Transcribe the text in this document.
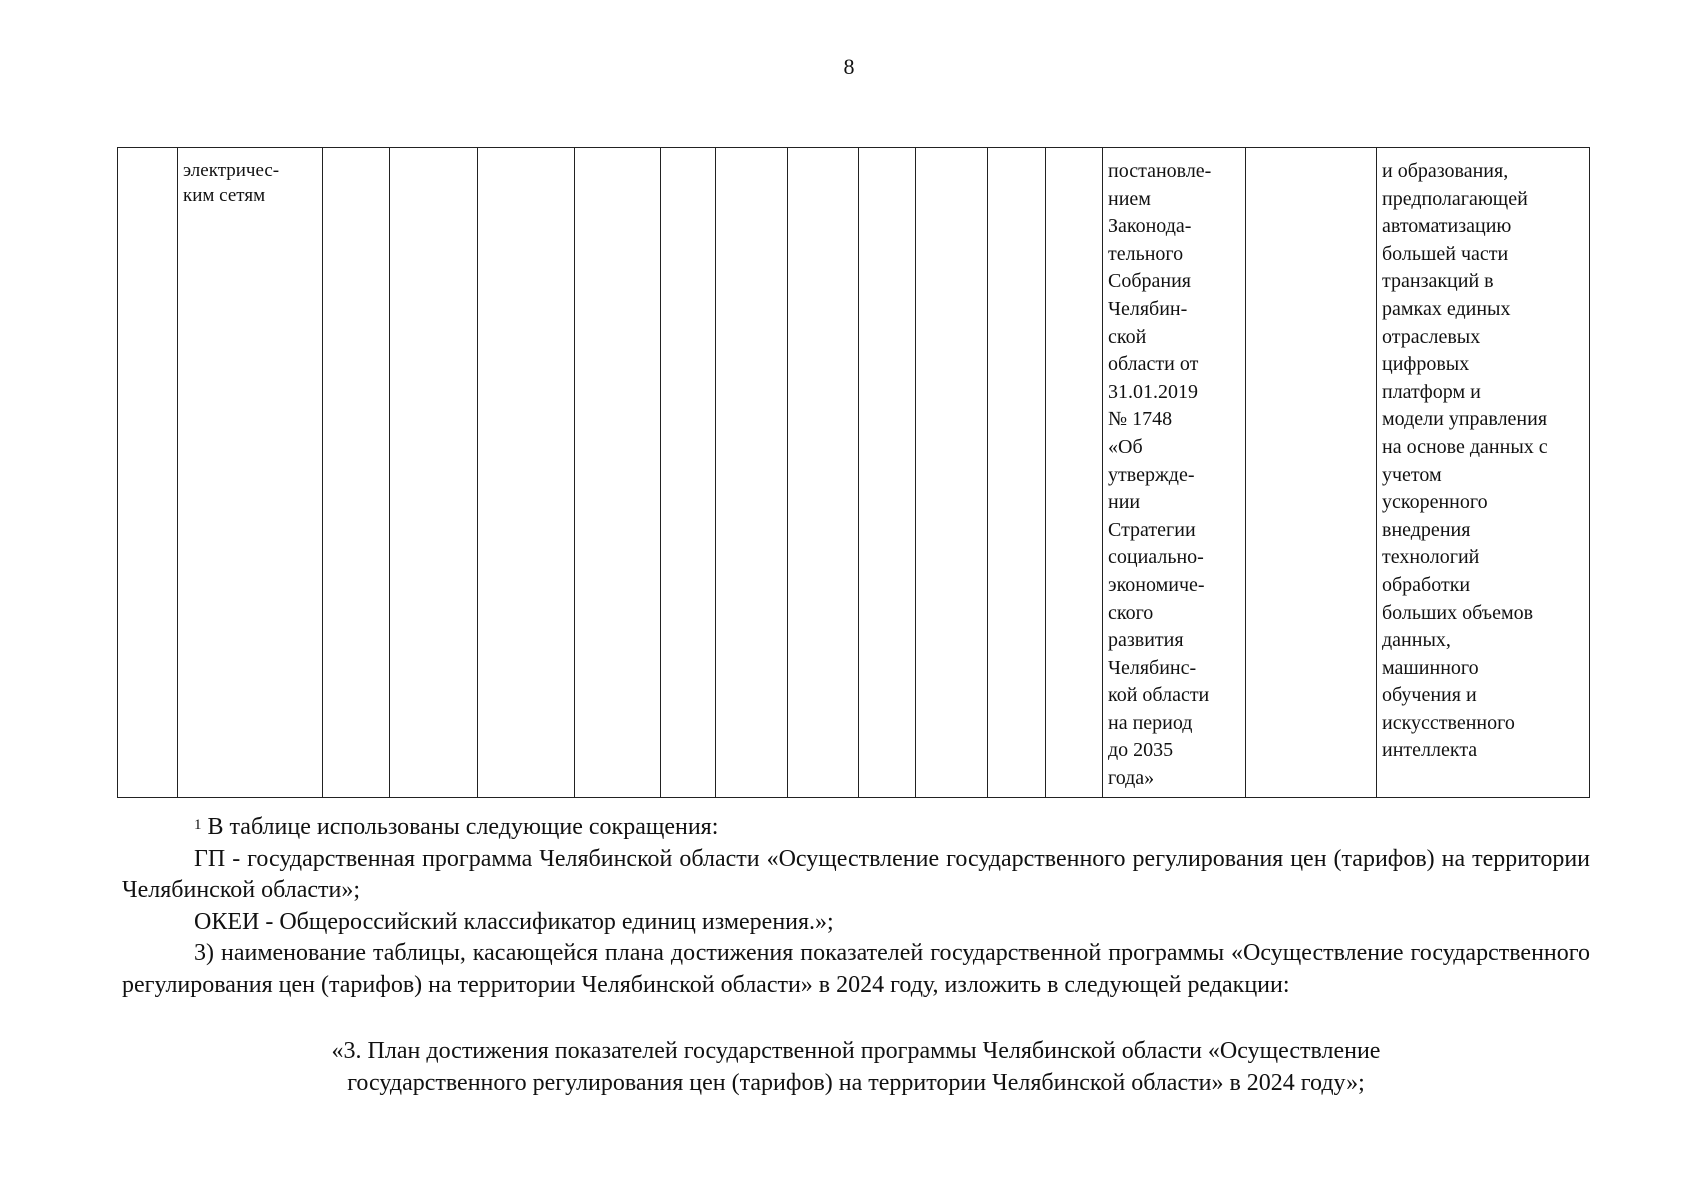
8
	электричес-
ким сетям												постановле-
нием
Законода-
тельного
Собрания
Челябин-
ской
области от
31.01.2019
№ 1748
«Об
утвержде-
нии
Стратегии
социально-
экономиче-
ского
развития
Челябинс-
кой области
на период
до 2035
года»		и образования,
предполагающей
автоматизацию
большей части
транзакций в
рамках единых
отраслевых
цифровых
платформ и
модели управления
на основе данных с
учетом
ускоренного
внедрения
технологий
обработки
больших объемов
данных,
машинного
обучения и
искусственного
интеллекта

$^1$ В таблице использованы следующие сокращения:

ГП - государственная программа Челябинской области «Осуществление государственного регулирования цен (тарифов) на территории Челябинской области»;

ОКЕИ - Общероссийский классификатор единиц измерения.»;

3) наименование таблицы, касающейся плана достижения показателей государственной программы «Осуществление государственного регулирования цен (тарифов) на территории Челябинской области» в 2024 году, изложить в следующей редакции:

«3. План достижения показателей государственной программы Челябинской области «Осуществление

государственного регулирования цен (тарифов) на территории Челябинской области» в 2024 году»;
